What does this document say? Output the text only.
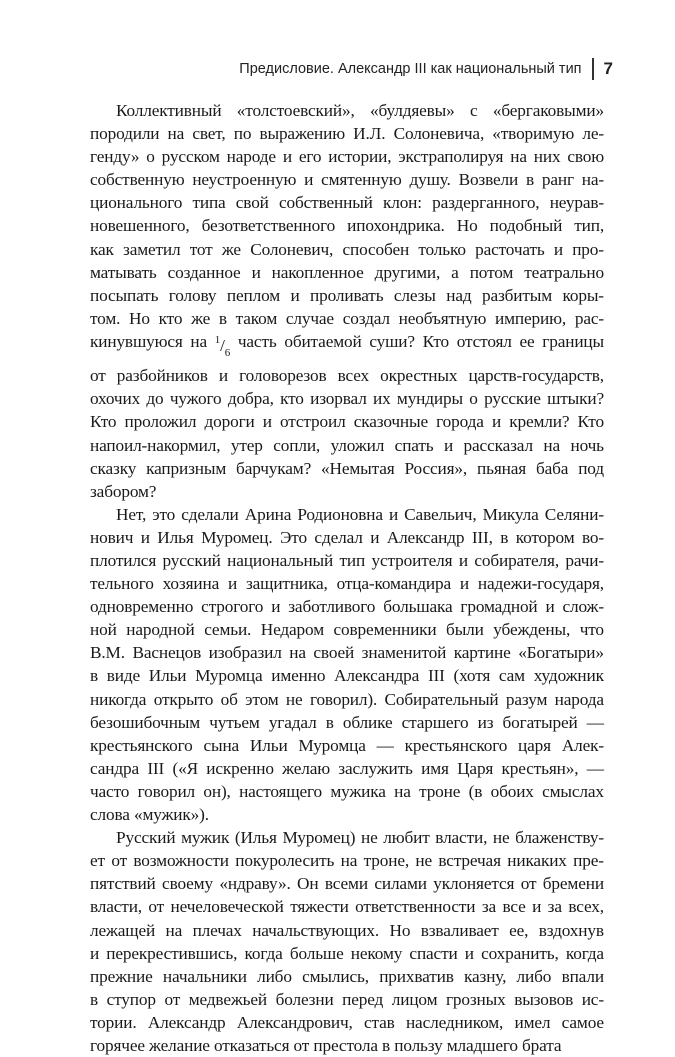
Предисловие. Александр III как национальный тип 7
Коллективный «толстоевский», «булдяевы» с «бергаковыми»
породили на свет, по выражению И.Л. Солоневича, «творимую ле-
генду» о русском народе и его истории, экстраполируя на них свою
собственную неустроенную и смятенную душу. Возвели в ранг на-
ционального типа свой собственный клон: раздерганного, неурав-
новешенного, безответственного ипохондрика. Но подобный тип,
как заметил тот же Солоневич, способен только расточать и про-
матывать созданное и накопленное другими, а потом театрально
посыпать голову пеплом и проливать слезы над разбитым коры-
том. Но кто же в таком случае создал необъятную империю, рас-
кинувшуюся на $^1/_6$
часть обитаемой суши? Кто отстоял ее границы
от разбойников и головорезов всех окрестных царств-государств,
охочих до чужого добра, кто изорвал их мундиры о русские штыки?
Кто проложил дороги и отстроил сказочные города и кремли? Кто
напоил-накормил, утер сопли, уложил спать и рассказал на ночь
сказку капризным барчукам? «Немытая Россия», пьяная баба под
забором?
Нет, это сделали Арина Родионовна и Савельич, Микула Селяни-
нович и Илья Муромец. Это сделал и Александр III, в котором во-
плотился русский национальный тип устроителя и собирателя, рачи-
тельного хозяина и защитника, отца-командира и надежи-государя,
одновременно строгого и заботливого большака громадной и слож-
ной народной семьи. Недаром современники были убеждены, что
В.М. Васнецов изобразил на своей знаменитой картине «Богатыри»
в виде Ильи Муромца именно Александра III (хотя сам художник
никогда открыто об этом не говорил). Собирательный разум народа
безошибочным чутьем угадал в облике старшего из богатырей —
крестьянского сына Ильи Муромца — крестьянского царя Алек-
сандра III («Я искренно желаю заслужить имя Царя крестьян», —
часто говорил он), настоящего мужика на троне (в обоих смыслах
слова «мужик»).
Русский мужик (Илья Муромец) не любит власти, не блаженству-
ет от возможности покуролесить на троне, не встречая никаких пре-
пятствий своему «ндраву». Он всеми силами уклоняется от бремени
власти, от нечеловеческой тяжести ответственности за все и за всех,
лежащей на плечах начальствующих. Но взваливает ее, вздохнув
и перекрестившись, когда больше некому спасти и сохранить, когда
прежние начальники либо смылись, прихватив казну, либо впали
в ступор от медвежьей болезни перед лицом грозных вызовов ис-
тории. Александр Александрович, став наследником, имел самое
горячее желание отказаться от престола в пользу младшего брата
